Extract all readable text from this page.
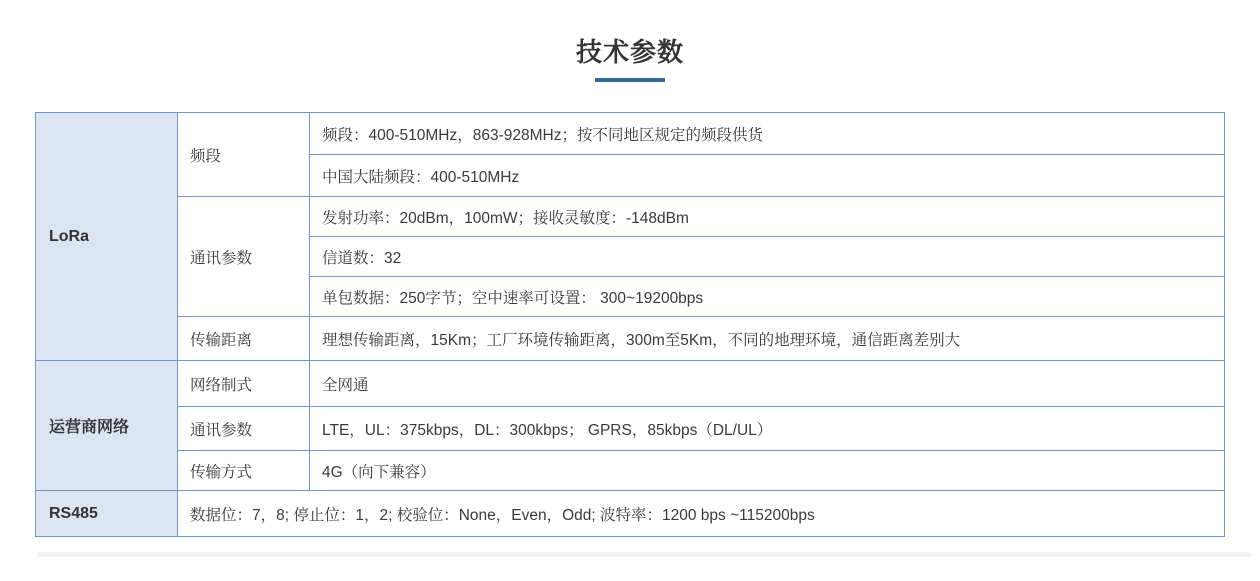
技术参数
LoRa	频段	频段：400-510MHz，863-928MHz；按不同地区规定的频段供货
		中国大陆频段：400-510MHz
	通讯参数	发射功率：20dBm，100mW；接收灵敏度：-148dBm
		信道数：32
		单包数据：250字节；空中速率可设置： 300~19200bps
	传输距离	理想传输距离，15Km；工厂环境传输距离，300m至5Km，不同的地理环境，通信距离差别大
运营商网络	网络制式	全网通
	通讯参数	LTE，UL：375kbps，DL：300kbps； GPRS，85kbps（DL/UL）
	传输方式	4G（向下兼容）
RS485	数据位：7，8; 停止位：1，2; 校验位：None，Even，Odd; 波特率：1200 bps ~115200bps	
